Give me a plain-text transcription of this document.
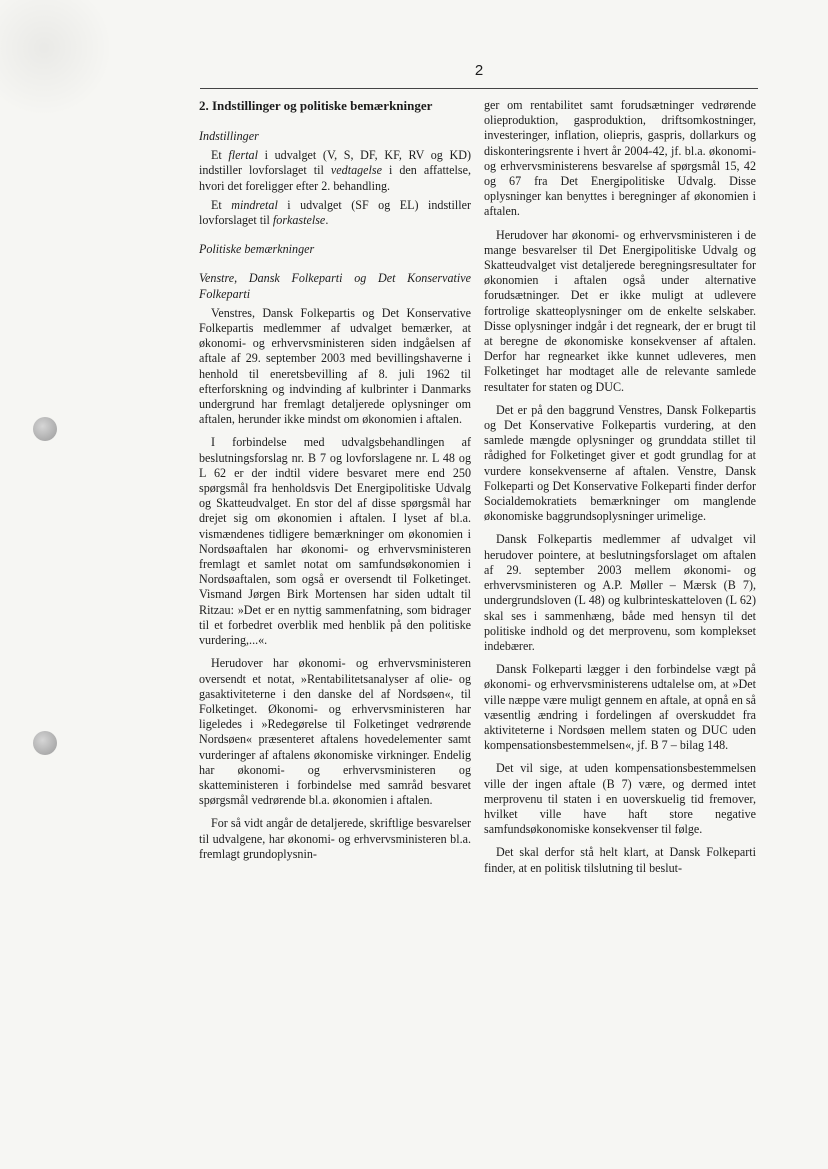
2
2. Indstillinger og politiske bemærkninger
Indstillinger

Et flertal i udvalget (V, S, DF, KF, RV og KD) indstiller lovforslaget til vedtagelse i den affattelse, hvori det foreligger efter 2. behandling.

Et mindretal i udvalget (SF og EL) indstiller lovforslaget til forkastelse.

Politiske bemærkninger
Venstre, Dansk Folkeparti og Det Konservative Folkeparti

Venstres, Dansk Folkepartis og Det Konservative Folkepartis medlemmer af udvalget bemærker, at økonomi- og erhvervsministeren siden indgåelsen af aftale af 29. september 2003 med bevillingshaverne i henhold til eneretsbevilling af 8. juli 1962 til efterforskning og indvinding af kulbrinter i Danmarks undergrund har fremlagt detaljerede oplysninger om aftalen, herunder ikke mindst om økonomien i aftalen.

I forbindelse med udvalgsbehandlingen af beslutningsforslag nr. B 7 og lovforslagene nr. L 48 og L 62 er der indtil videre besvaret mere end 250 spørgsmål fra henholdsvis Det Energipolitiske Udvalg og Skatteudvalget. En stor del af disse spørgsmål har drejet sig om økonomien i aftalen. I lyset af bl.a. vismændenes tidligere bemærkninger om økonomien i Nordsøaftalen har økonomi- og erhvervsministeren fremlagt et samlet notat om samfundsøkonomien i Nordsøaftalen, som også er oversendt til Folketinget. Vismand Jørgen Birk Mortensen har siden udtalt til Ritzau: »Det er en nyttig sammenfatning, som bidrager til et forbedret overblik med henblik på den politiske vurdering,...«.

Herudover har økonomi- og erhvervsministeren oversendt et notat, »Rentabilitetsanalyser af olie- og gasaktiviteterne i den danske del af Nordsøen«, til Folketinget. Økonomi- og erhvervsministeren har ligeledes i »Redegørelse til Folketinget vedrørende Nordsøen« præsenteret aftalens hovedelementer samt vurderinger af aftalens økonomiske virkninger. Endelig har økonomi- og erhvervsministeren og skatteministeren i forbindelse med samråd besvaret spørgsmål vedrørende bl.a. økonomien i aftalen.

For så vidt angår de detaljerede, skriftlige besvarelser til udvalgene, har økonomi- og erhvervsministeren bl.a. fremlagt grundoplysnin-

ger om rentabilitet samt forudsætninger vedrørende olieproduktion, gasproduktion, driftsomkostninger, investeringer, inflation, oliepris, gaspris, dollarkurs og diskonteringsrente i hvert år 2004-42, jf. bl.a. økonomi- og erhvervsministerens besvarelse af spørgsmål 15, 42 og 67 fra Det Energipolitiske Udvalg. Disse oplysninger kan benyttes i beregninger af økonomien i aftalen.

Herudover har økonomi- og erhvervsministeren i de mange besvarelser til Det Energipolitiske Udvalg og Skatteudvalget vist detaljerede beregningsresultater for økonomien i aftalen også under alternative forudsætninger. Det er ikke muligt at udlevere fortrolige skatteoplysninger om de enkelte selskaber. Disse oplysninger indgår i det regneark, der er brugt til at beregne de økonomiske konsekvenser af aftalen. Derfor har regnearket ikke kunnet udleveres, men Folketinget har modtaget alle de relevante samlede resultater for staten og DUC.

Det er på den baggrund Venstres, Dansk Folkepartis og Det Konservative Folkepartis vurdering, at den samlede mængde oplysninger og grunddata stillet til rådighed for Folketinget giver et godt grundlag for at vurdere konsekvenserne af aftalen. Venstre, Dansk Folkeparti og Det Konservative Folkeparti finder derfor Socialdemokratiets bemærkninger om manglende økonomiske baggrundsoplysninger urimelige.

Dansk Folkepartis medlemmer af udvalget vil herudover pointere, at beslutningsforslaget om aftalen af 29. september 2003 mellem økonomi- og erhvervsministeren og A.P. Møller – Mærsk (B 7), undergrundsloven (L 48) og kulbrinteskatteloven (L 62) skal ses i sammenhæng, både med hensyn til det politiske indhold og det merprovenu, som komplekset indebærer.

Dansk Folkeparti lægger i den forbindelse vægt på økonomi- og erhvervsministerens udtalelse om, at »Det ville næppe være muligt gennem en aftale, at opnå en så væsentlig ændring i fordelingen af overskuddet fra aktiviteterne i Nordsøen mellem staten og DUC uden kompensationsbestemmelsen«, jf. B 7 – bilag 148.

Det vil sige, at uden kompensationsbestemmelsen ville der ingen aftale (B 7) være, og dermed intet merprovenu til staten i en uoverskuelig tid fremover, hvilket ville have haft store negative samfundsøkonomiske konsekvenser til følge.

Det skal derfor stå helt klart, at Dansk Folkeparti finder, at en politisk tilslutning til beslut-
